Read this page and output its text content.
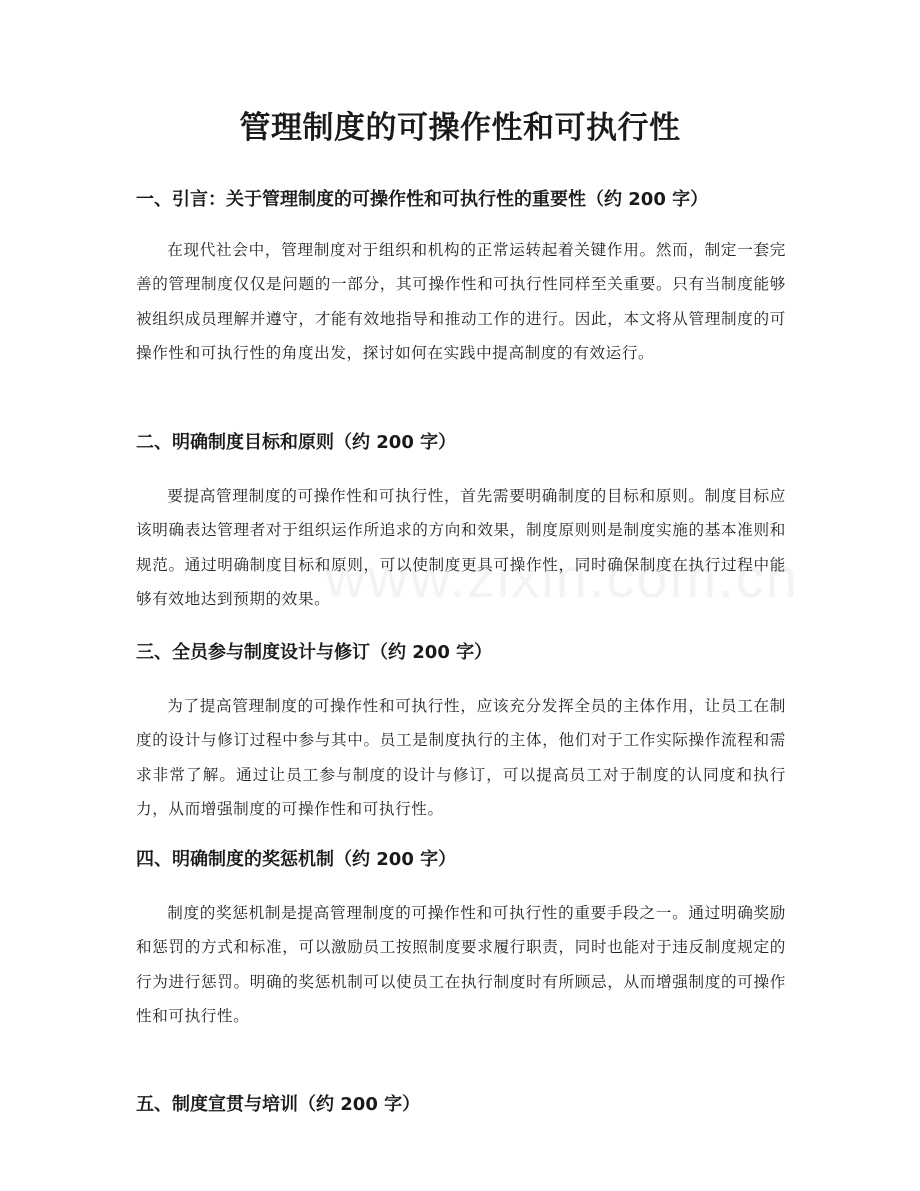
管理制度的可操作性和可执行性
一、引言：关于管理制度的可操作性和可执行性的重要性（约 200 字）

在现代社会中，管理制度对于组织和机构的正常运转起着关键作用。然而，制定一套完善的管理制度仅仅是问题的一部分，其可操作性和可执行性同样至关重要。只有当制度能够被组织成员理解并遵守，才能有效地指导和推动工作的进行。因此，本文将从管理制度的可操作性和可执行性的角度出发，探讨如何在实践中提高制度的有效运行。

二、明确制度目标和原则（约 200 字）

要提高管理制度的可操作性和可执行性，首先需要明确制度的目标和原则。制度目标应该明确表达管理者对于组织运作所追求的方向和效果，制度原则则是制度实施的基本准则和规范。通过明确制度目标和原则，可以使制度更具可操作性，同时确保制度在执行过程中能够有效地达到预期的效果。

三、全员参与制度设计与修订（约 200 字）

为了提高管理制度的可操作性和可执行性，应该充分发挥全员的主体作用，让员工在制度的设计与修订过程中参与其中。员工是制度执行的主体，他们对于工作实际操作流程和需求非常了解。通过让员工参与制度的设计与修订，可以提高员工对于制度的认同度和执行力，从而增强制度的可操作性和可执行性。

四、明确制度的奖惩机制（约 200 字）

制度的奖惩机制是提高管理制度的可操作性和可执行性的重要手段之一。通过明确奖励和惩罚的方式和标准，可以激励员工按照制度要求履行职责，同时也能对于违反制度规定的行为进行惩罚。明确的奖惩机制可以使员工在执行制度时有所顾忌，从而增强制度的可操作性和可执行性。

五、制度宣贯与培训（约 200 字）
